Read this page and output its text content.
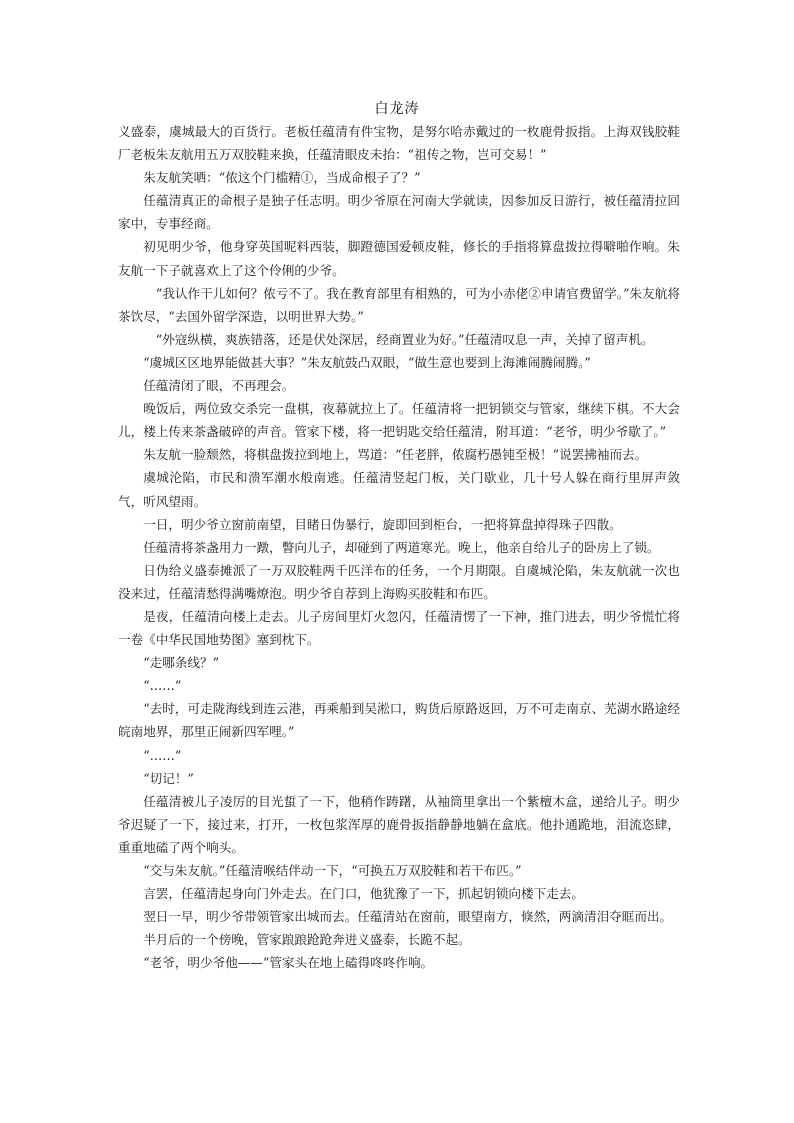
白龙涛

义盛泰，虞城最大的百货行。老板任蕴清有件宝物，是努尔哈赤戴过的一枚鹿骨扳指。上海双钱胶鞋厂老板朱友航用五万双胶鞋来换，任蕴清眼皮未抬：“祖传之物，岂可交易！”

朱友航笑哂：“侬这个门槛精①，当成命根子了？”

任蕴清真正的命根子是独子任志明。明少爷原在河南大学就读，因参加反日游行，被任蕴清拉回家中，专事经商。

初见明少爷，他身穿英国呢料西装，脚蹬德国爱顿皮鞋，修长的手指将算盘拨拉得噼啪作响。朱友航一下子就喜欢上了这个伶俐的少爷。

“我认作干儿如何？侬亏不了。我在教育部里有相熟的，可为小赤佬②申请官费留学。”朱友航将茶饮尽，“去国外留学深造，以明世界大势。”

“外寇纵横，爽族错落，还是伏处深居，经商置业为好。”任蕴清叹息一声，关掉了留声机。

“虞城区区地界能做甚大事？”朱友航鼓凸双眼，“做生意也要到上海滩闹腾闹腾。”

任蕴清闭了眼，不再理会。

晚饭后，两位致交杀完一盘棋，夜幕就拉上了。任蕴清将一把钥锁交与管家，继续下棋。不大会儿，楼上传来茶盏破碎的声音。管家下楼，将一把钥匙交给任蕴清，附耳道：“老爷，明少爷歇了。”

朱友航一脸颓然，将棋盘拨拉到地上，骂道：“任老胖，侬腐朽愚钝至极！”说罢拂袖而去。

虞城沦陷，市民和溃军潮水般南逃。任蕴清竖起门板，关门歇业，几十号人躲在商行里屏声敛气，听风望雨。

一日，明少爷立窗前南望，目睹日伪暴行，旋即回到柜台，一把将算盘掉得珠子四散。

任蕴清将茶盏用力一蹾，瞥向儿子，却碰到了两道寒光。晚上，他亲自给儿子的卧房上了锁。

日伪给义盛泰摊派了一万双胶鞋两千匹洋布的任务，一个月期限。自虞城沦陷，朱友航就一次也没来过，任蕴清愁得满嘴燎泡。明少爷自荐到上海购买胶鞋和布匹。

是夜，任蕴清向楼上走去。儿子房间里灯火忽闪，任蕴清愣了一下神，推门进去，明少爷慌忙将一卷《中华民国地势图》塞到枕下。

“走哪条线？”

“……”

“去时，可走陇海线到连云港，再乘船到吴淞口，购货后原路返回，万不可走南京、芜湖水路途经皖南地界，那里正闹新四军哩。”

“……”

“切记！”

任蕴清被儿子凌厉的目光蜇了一下，他稍作踌躇，从袖筒里拿出一个紫檀木盒，递给儿子。明少爷迟疑了一下，接过来，打开，一枚包浆浑厚的鹿骨扳指静静地躺在盒底。他扑通跪地，泪流恣肆，重重地磕了两个响头。

“交与朱友航。”任蕴清喉结伴动一下，“可换五万双胶鞋和若干布匹。”

言罢，任蕴清起身向门外走去。在门口，他犹豫了一下，抓起钥锁向楼下走去。

翌日一早，明少爷带领管家出城而去。任蕴清站在窗前，眼望南方，倏然，两滴清泪夺眶而出。

半月后的一个傍晚，管家踉踉跄跄奔进义盛泰，长跪不起。

“老爷，明少爷他——”管家头在地上磕得咚咚作响。
